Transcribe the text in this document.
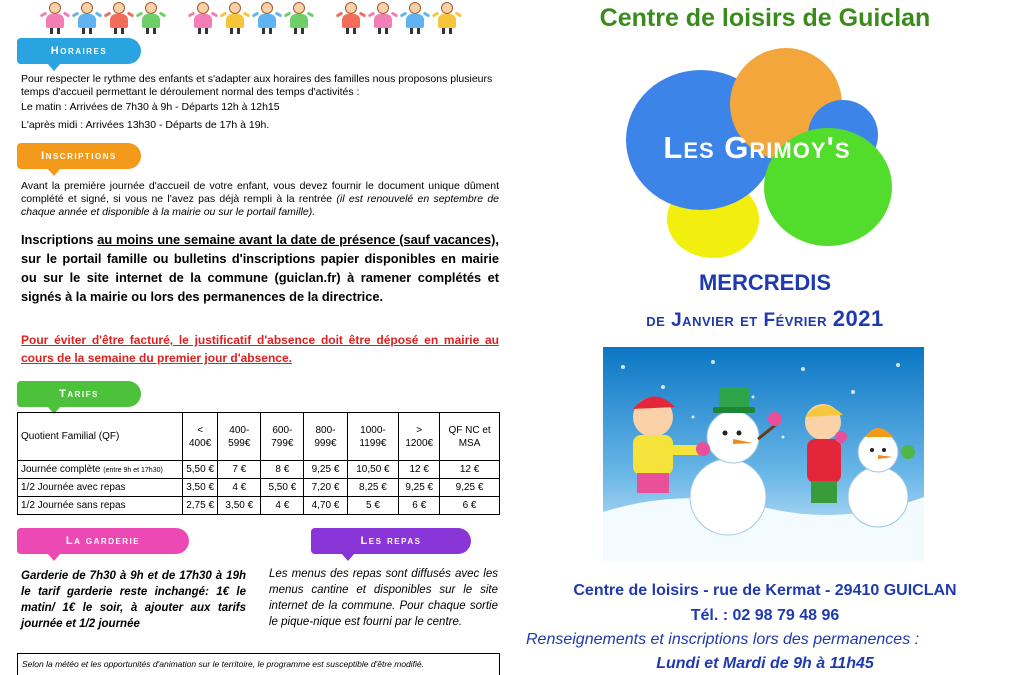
Horaires
Pour respecter le rythme des enfants et s'adapter aux horaires des familles nous proposons plusieurs temps d'accueil permettant le déroulement normal des temps d'activités :
Le matin : Arrivées de 7h30 à 9h - Départs 12h à 12h15
L'après midi : Arrivées 13h30 - Départs de 17h à 19h.
Inscriptions
Avant la première journée d'accueil de votre enfant, vous devez fournir le document unique dûment complété et signé, si vous ne l'avez pas déjà rempli à la rentrée (il est renouvelé en septembre de chaque année et disponible à la mairie ou sur le portail famille).
Inscriptions au moins une semaine avant la date de présence (sauf vacances), sur le portail famille ou bulletins d'inscriptions papier disponibles en mairie ou sur le site internet de la commune (guiclan.fr) à ramener complétés et signés à la mairie ou lors des permanences de la directrice.
Pour éviter d'être facturé, le justificatif d'absence doit être déposé en mairie au cours de la semaine du premier jour d'absence.
Tarifs
Quotient Familial (QF)	< 400€	400-599€	600-799€	800-999€	1000-1199€	> 1200€	QF NC et MSA
Journée complète (entre 9h et 17h30)	5,50 €	7 €	8 €	9,25 €	10,50 €	12 €	12 €
1/2 Journée avec repas	3,50 €	4 €	5,50 €	7,20 €	8,25 €	9,25 €	9,25 €
1/2 Journée sans repas	2,75 €	3,50 €	4 €	4,70 €	5 €	6 €	6 €
La garderie	Les repas
Garderie de 7h30 à 9h et de 17h30 à 19h le tarif garderie reste inchangé: 1€ le matin/ 1€ le soir, à ajouter aux tarifs journée et 1/2 journée
Les menus des repas sont diffusés avec les menus cantine et disponibles sur le site internet de la commune. Pour chaque sortie le pique-nique est fourni par le centre.
Selon la météo et les opportunités d'animation sur le territoire, le programme est susceptible d'être modifié.
Centre de loisirs de Guiclan
Les Grimoy's
MERCREDIS
de Janvier et Février 2021
Centre de loisirs - rue de Kermat - 29410 GUICLAN
Tél. : 02 98 79 48 96
Renseignements et inscriptions lors des permanences :
Lundi et Mardi de 9h à 11h45
